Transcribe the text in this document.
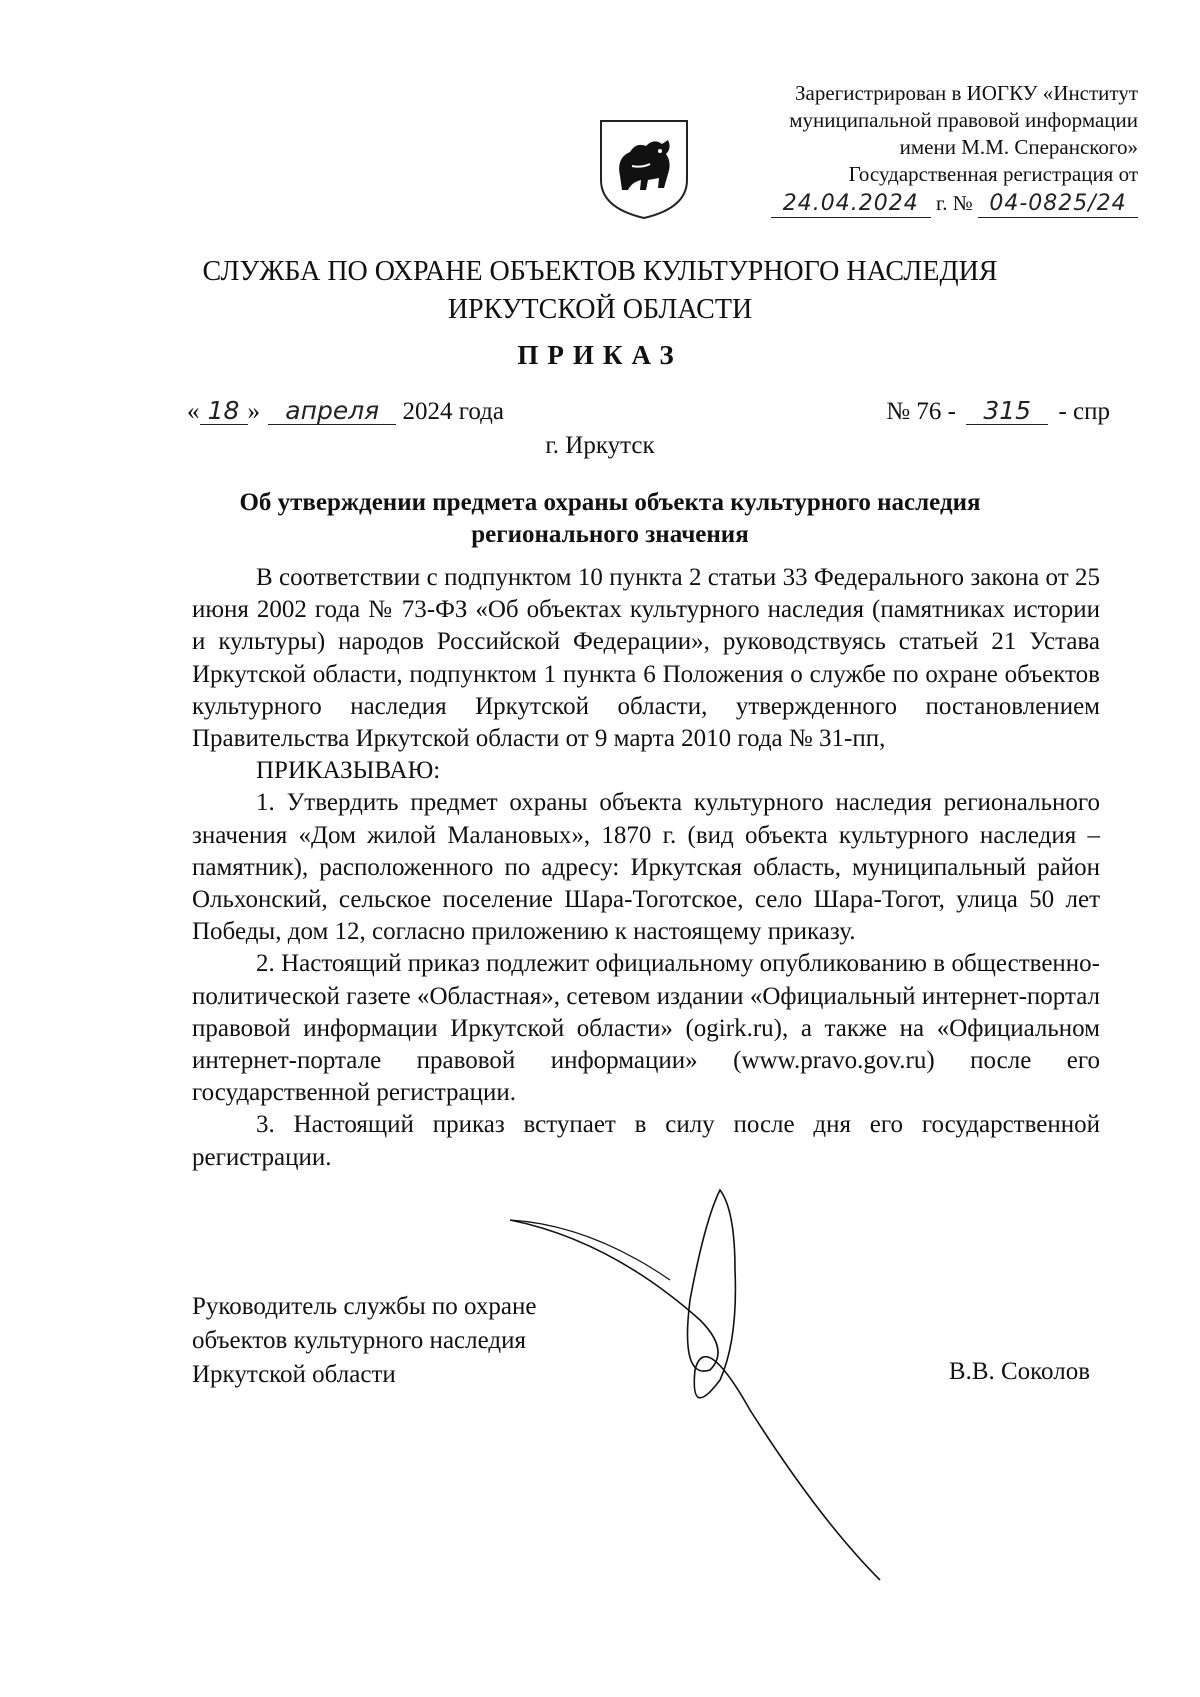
Зарегистрирован в ИОГКУ «Институт
муниципальной правовой информации
имени М.М. Сперанского»
Государственная регистрация от
24.04.2024 г. № 04-0825/24
СЛУЖБА ПО ОХРАНЕ ОБЪЕКТОВ КУЛЬТУРНОГО НАСЛЕДИЯ
ИРКУТСКОЙ ОБЛАСТИ
ПРИКАЗ
« 18 » апреля 2024 года	№ 76 - 315 - спр
г. Иркутск
Об утверждении предмета охраны объекта культурного наследия
регионального значения

В соответствии с подпунктом 10 пункта 2 статьи 33 Федерального закона от 25 июня 2002 года № 73-ФЗ «Об объектах культурного наследия (памятниках истории и культуры) народов Российской Федерации», руководствуясь статьей 21 Устава Иркутской области, подпунктом 1 пункта 6 Положения о службе по охране объектов культурного наследия Иркутской области, утвержденного постановлением Правительства Иркутской области от 9 марта 2010 года № 31-пп,

ПРИКАЗЫВАЮ:

1. Утвердить предмет охраны объекта культурного наследия регионального значения «Дом жилой Малановых», 1870 г. (вид объекта культурного наследия – памятник), расположенного по адресу: Иркутская область, муниципальный район Ольхонский, сельское поселение Шара-Тоготское, село Шара-Тогот, улица 50 лет Победы, дом 12, согласно приложению к настоящему приказу.

2. Настоящий приказ подлежит официальному опубликованию в общественно-политической газете «Областная», сетевом издании «Официальный интернет-портал правовой информации Иркутской области» (ogirk.ru), а также на «Официальном интернет-портале правовой информации» (www.pravo.gov.ru) после его государственной регистрации.

3. Настоящий приказ вступает в силу после дня его государственной регистрации.

Руководитель службы по охране
объектов культурного наследия
Иркутской области	В.В. Соколов
